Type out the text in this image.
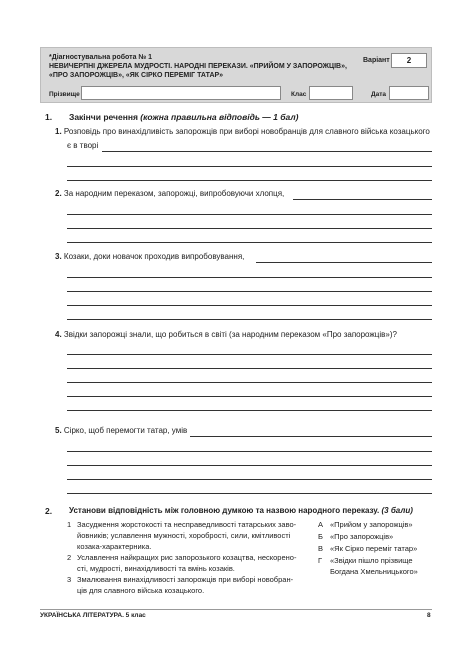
*Діагностувальна робота № 1
НЕВИЧЕРПНІ ДЖЕРЕЛА МУДРОСТІ. НАРОДНІ ПЕРЕКАЗИ. «ПРИЙОМ У ЗАПОРОЖЦІВ»,
«ПРО ЗАПОРОЖЦІВ», «ЯК СІРКО ПЕРЕМІГ ТАТАР»
Варіант	2
Прізвище	Клас	Дата
1. Закінчи речення (кожна правильна відповідь — 1 бал)
1. Розповідь про винахідливість запорожців при виборі новобранців для славного війська козацького
є в творі
2. За народним переказом, запорожці, випробовуючи хлопця,
3. Козаки, доки новачок проходив випробовування,
4. Звідки запорожці знали, що робиться в світі (за народним переказом «Про запорожців»)?
5. Сірко, щоб перемогти татар, умів
2. Установи відповідність між головною думкою та назвою народного переказу. (3 бали)
1 Засудження жорстокості та несправедливості татарських заво-
йовників; уславлення мужності, хоробрості, сили, кмітливості
козака-характерника.
2 Уславлення найкращих рис запорозького козацтва, нескорено-
сті, мудрості, винахідливості та вмінь козаків.
3 Змалювання винахідливості запорожців при виборі новобран-
ців для славного війська козацького.
А «Прийом у запорожців»
Б «Про запорожців»
В «Як Сірко переміг татар»
Г «Звідки пішло прізвище
Богдана Хмельницького»
УКРАЇНСЬКА ЛІТЕРАТУРА. 5 клас	8
